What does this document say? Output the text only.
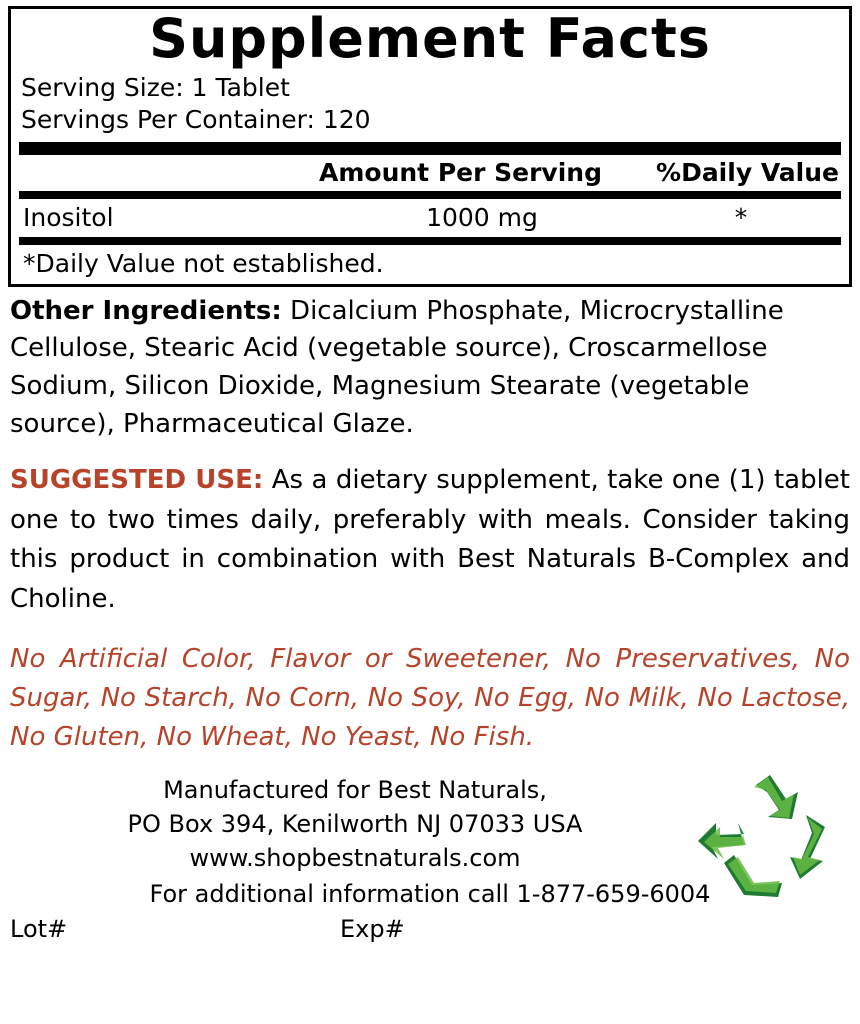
Supplement Facts
Serving Size: 1 Tablet
Servings Per Container: 120
Amount Per Serving	%Daily Value
Inositol	1000 mg	*
*Daily Value not established.
Other Ingredients: Dicalcium Phosphate, Microcrystalline Cellulose, Stearic Acid (vegetable source), Croscarmellose Sodium, Silicon Dioxide, Magnesium Stearate (vegetable source), Pharmaceutical Glaze.
SUGGESTED USE: As a dietary supplement, take one (1) tablet one to two times daily, preferably with meals. Consider taking this product in combination with Best Naturals B-Complex and Choline.
No Artificial Color, Flavor or Sweetener, No Preservatives, No Sugar, No Starch, No Corn, No Soy, No Egg, No Milk, No Lactose, No Gluten, No Wheat, No Yeast, No Fish.
Manufactured for Best Naturals,
PO Box 394, Kenilworth NJ 07033 USA
www.shopbestnaturals.com
For additional information call 1-877-659-6004
Lot#	Exp#
